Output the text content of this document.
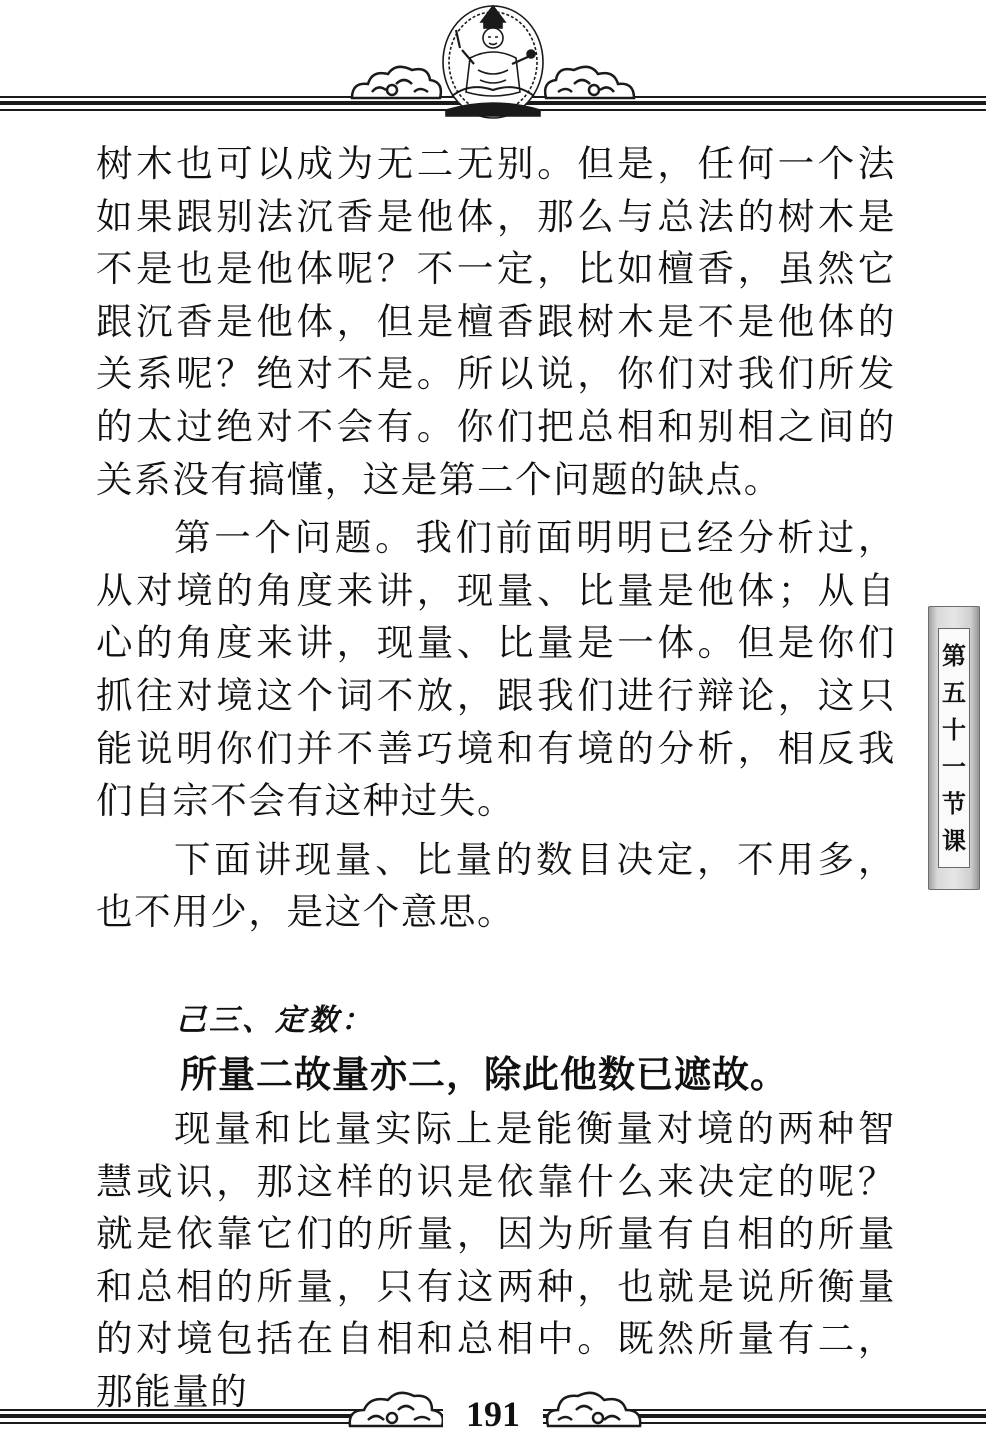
树木也可以成为无二无别。但是，任何一个法如果跟别法沉香是他体，那么与总法的树木是不是也是他体呢？不一定，比如檀香，虽然它跟沉香是他体，但是檀香跟树木是不是他体的关系呢？绝对不是。所以说，你们对我们所发的太过绝对不会有。你们把总相和别相之间的关系没有搞懂，这是第二个问题的缺点。

第一个问题。我们前面明明已经分析过，从对境的角度来讲，现量、比量是他体；从自心的角度来讲，现量、比量是一体。但是你们抓往对境这个词不放，跟我们进行辩论，这只能说明你们并不善巧境和有境的分析，相反我们自宗不会有这种过失。

下面讲现量、比量的数目决定，不用多，也不用少，是这个意思。

己三、定数：

所量二故量亦二，除此他数已遮故。

现量和比量实际上是能衡量对境的两种智慧或识，那这样的识是依靠什么来决定的呢？就是依靠它们的所量，因为所量有自相的所量和总相的所量，只有这两种，也就是说所衡量的对境包括在自相和总相中。既然所量有二，那能量的

第
五
十
一
节
课
191
